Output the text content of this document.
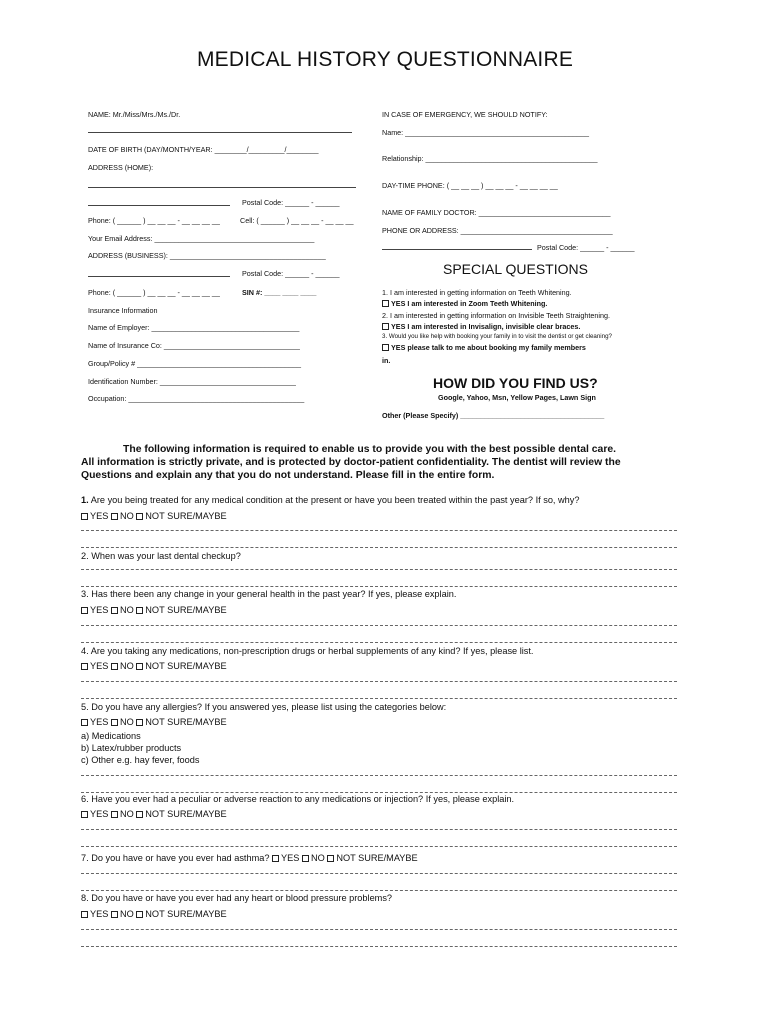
MEDICAL HISTORY QUESTIONNAIRE
NAME: Mr./Miss/Mrs./Ms./Dr.
DATE OF BIRTH (DAY/MONTH/YEAR: ________/_________/________
ADDRESS (HOME):
Postal Code: ______ - ______
Phone: ( ______ ) __ __ __ - __ __ __ __	Cell: ( ______ ) __ __ __ - __ __ __
Your Email Address: ________________________________________
ADDRESS (BUSINESS): _______________________________________
Postal Code: ______ - ______
Phone: ( ______ ) __ __ __ - __ __ __ __	SIN #: ____ ____ ____
Insurance Information
Name of Employer: _____________________________________
Name of Insurance Co: __________________________________
Group/Policy # _________________________________________
Identification Number: __________________________________
Occupation: ____________________________________________
IN CASE OF EMERGENCY, WE SHOULD NOTIFY:
Name: ______________________________________________
Relationship: ___________________________________________
DAY-TIME PHONE: ( __ __ __ ) __ __ __ - __ __ __ __
NAME OF FAMILY DOCTOR: _________________________________
PHONE OR ADDRESS: ______________________________________
Postal Code: ______ - ______
SPECIAL QUESTIONS
1. I am interested in getting information on Teeth Whitening.
YES I am interested in Zoom Teeth Whitening.
2. I am interested in getting information on Invisible Teeth Straightening.
YES I am interested in Invisalign, invisible clear braces.
3. Would you like help with booking your family in to visit the dentist or get cleaning?
YES please talk to me about booking my family members
in.
HOW DID YOU FIND US?
Google, Yahoo, Msn, Yellow Pages, Lawn Sign
Other (Please Specify) ____________________________________
The following information is required to enable us to provide you with the best possible dental care.
All information is strictly private, and is protected by doctor-patient confidentiality. The dentist will review the
Questions and explain any that you do not understand. Please fill in the entire form.
1. Are you being treated for any medical condition at the present or have you been treated within the past year? If so, why?
YES NO NOT SURE/MAYBE
2. When was your last dental checkup?
3. Has there been any change in your general health in the past year? If yes, please explain.
YES NO NOT SURE/MAYBE
4. Are you taking any medications, non-prescription drugs or herbal supplements of any kind? If yes, please list.
YES NO NOT SURE/MAYBE
5. Do you have any allergies? If you answered yes, please list using the categories below:
YES NO NOT SURE/MAYBE
a) Medications
b) Latex/rubber products
c) Other e.g. hay fever, foods
6. Have you ever had a peculiar or adverse reaction to any medications or injection? If yes, please explain.
YES NO NOT SURE/MAYBE
7. Do you have or have you ever had asthma? YES NO NOT SURE/MAYBE
8. Do you have or have you ever had any heart or blood pressure problems?
YES NO NOT SURE/MAYBE
